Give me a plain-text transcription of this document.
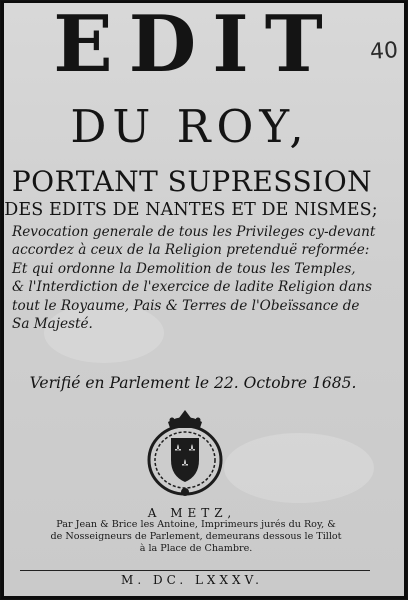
EDIT	40
DU ROY,
PORTANT SUPRESSION
DES EDITS DE NANTES ET DE NISMES;
Revocation generale de tous les Privileges cy-devant
accordez à ceux de la Religion pretenduë reformée:
Et qui ordonne la Demolition de tous les Temples,
& l'Interdiction de l'exercice de ladite Religion dans
tout le Royaume, Pais & Terres de l'Obeïssance de
Sa Majesté.
Verifié en Parlement le 22. Octobre 1685.
A METZ,
Par Jean & Brice les Antoine, Imprimeurs jurés du Roy, &
de Nosseigneurs de Parlement, demeurans dessous le Tillot
à la Place de Chambre.
M. DC. LXXXV.
